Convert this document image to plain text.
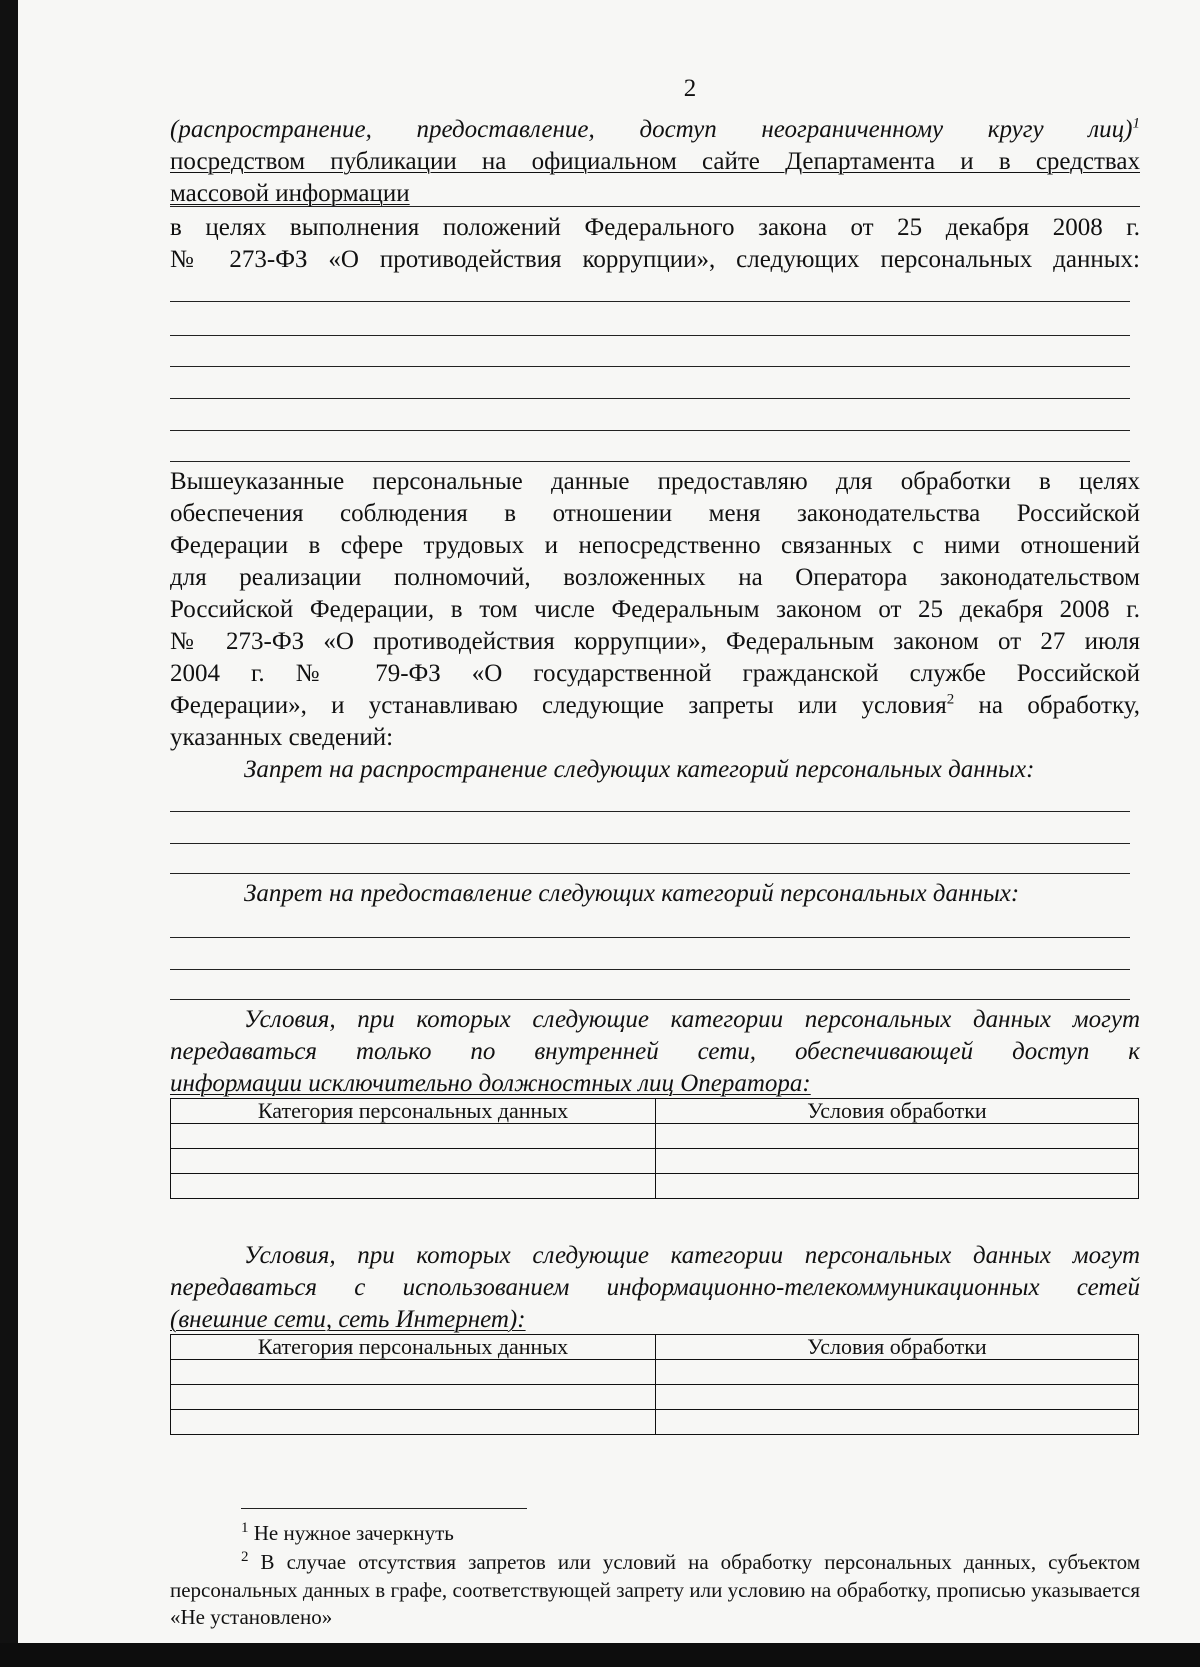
2
(распространение, предоставление, доступ неограниченному кругу лиц)$^1$
посредством публикации на официальном сайте Департамента и в средствах
массовой информации
в целях выполнения положений Федерального закона от 25 декабря 2008 г.
№ 273-ФЗ «О противодействия коррупции», следующих персональных данных:
Вышеуказанные персональные данные предоставляю для обработки в целях
обеспечения соблюдения в отношении меня законодательства Российской
Федерации в сфере трудовых и непосредственно связанных с ними отношений
для реализации полномочий, возложенных на Оператора законодательством
Российской Федерации, в том числе Федеральным законом от 25 декабря 2008 г.
№ 273-ФЗ «О противодействия коррупции», Федеральным законом от 27 июля
2004 г. № 79-ФЗ «О государственной гражданской службе Российской
Федерации», и устанавливаю следующие запреты или условия$^2$ на обработку,
указанных сведений:
Запрет на распространение следующих категорий персональных данных:
Запрет на предоставление следующих категорий персональных данных:
Условия, при которых следующие категории персональных данных могут
передаваться только по внутренней сети, обеспечивающей доступ к
информации исключительно должностных лиц Оператора:
Категория персональных данных	Условия обработки

Условия, при которых следующие категории персональных данных могут
передаваться с использованием информационно-телекоммуникационных сетей
(внешние сети, сеть Интернет):
Категория персональных данных	Условия обработки

$^1$ Не нужное зачеркнуть
$^2$ В случае отсутствия запретов или условий на обработку персональных данных, субъектом персональных данных в графе, соответствующей запрету или условию на обработку, прописью указывается «Не установлено»
